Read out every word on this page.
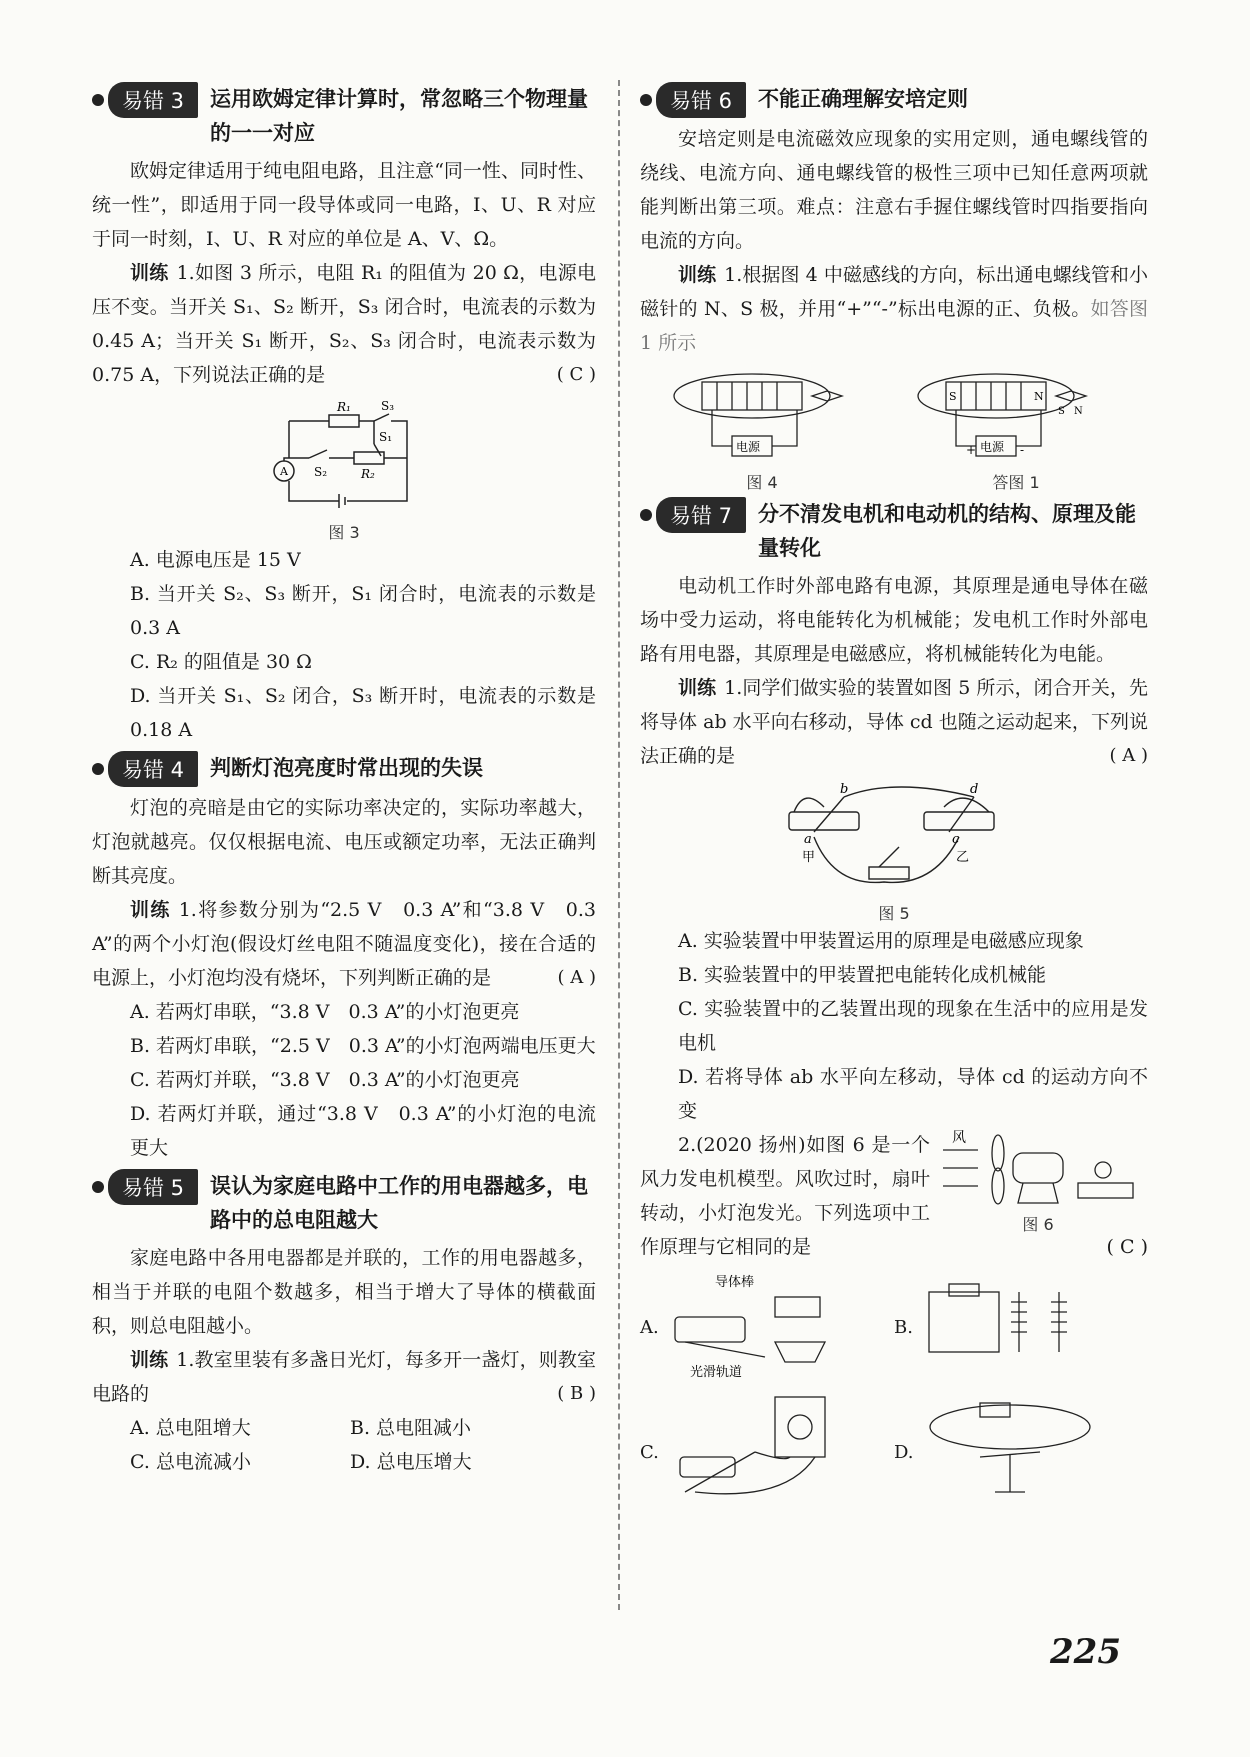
易错 3	运用欧姆定律计算时，常忽略三个物理量的一一对应

欧姆定律适用于纯电阻电路，且注意“同一性、同时性、统一性”，即适用于同一段导体或同一电路，I、U、R 对应于同一时刻，I、U、R 对应的单位是 A、V、Ω。

训练 1.如图 3 所示，电阻 R₁ 的阻值为 20 Ω，电源电压不变。当开关 S₁、S₂ 断开，S₃ 闭合时，电流表的示数为 0.45 A；当开关 S₁ 断开，S₂、S₃ 闭合时，电流表示数为 0.75 A，下列说法正确的是	( C )

R₁	S₃
S₁
S₂	R₂
A
图 3

A. 电源电压是 15 V

B. 当开关 S₂、S₃ 断开，S₁ 闭合时，电流表的示数是 0.3 A

C. R₂ 的阻值是 30 Ω

D. 当开关 S₁、S₂ 闭合，S₃ 断开时，电流表的示数是 0.18 A

易错 4	判断灯泡亮度时常出现的失误

灯泡的亮暗是由它的实际功率决定的，实际功率越大，灯泡就越亮。仅仅根据电流、电压或额定功率，无法正确判断其亮度。

训练 1.将参数分别为“2.5 V　0.3 A”和“3.8 V　0.3 A”的两个小灯泡(假设灯丝电阻不随温度变化)，接在合适的电源上，小灯泡均没有烧坏，下列判断正确的是	( A )

A. 若两灯串联，“3.8 V　0.3 A”的小灯泡更亮

B. 若两灯串联，“2.5 V　0.3 A”的小灯泡两端电压更大

C. 若两灯并联，“3.8 V　0.3 A”的小灯泡更亮

D. 若两灯并联，通过“3.8 V　0.3 A”的小灯泡的电流更大

易错 5	误认为家庭电路中工作的用电器越多，电路中的总电阻越大

家庭电路中各用电器都是并联的，工作的用电器越多，相当于并联的电阻个数越多，相当于增大了导体的横截面积，则总电阻越小。

训练 1.教室里装有多盏日光灯，每多开一盏灯，则教室电路的	( B )

A. 总电阻增大	B. 总电阻减小
C. 总电流减小	D. 总电压增大
易错 6	不能正确理解安培定则

安培定则是电流磁效应现象的实用定则，通电螺线管的绕线、电流方向、通电螺线管的极性三项中已知任意两项就能判断出第三项。难点：注意右手握住螺线管时四指要指向电流的方向。

训练 1.根据图 4 中磁感线的方向，标出通电螺线管和小磁针的 N、S 极，并用“+”“-”标出电源的正、负极。如答图 1 所示

电源
图 4
S	N
S N
+	-
电源
答图 1
易错 7	分不清发电机和电动机的结构、原理及能量转化

电动机工作时外部电路有电源，其原理是通电导体在磁场中受力运动，将电能转化为机械能；发电机工作时外部电路有用电器，其原理是电磁感应，将机械能转化为电能。

训练 1.同学们做实验的装置如图 5 所示，闭合开关，先将导体 ab 水平向右移动，导体 cd 也随之运动起来，下列说法正确的是	( A )

b
a	c
d
甲	乙
图 5

A. 实验装置中甲装置运用的原理是电磁感应现象

B. 实验装置中的甲装置把电能转化成机械能

C. 实验装置中的乙装置出现的现象在生活中的应用是发电机

D. 若将导体 ab 水平向左移动，导体 cd 的运动方向不变

2.(2020 扬州)如图 6 是一个风力发电机模型。风吹过时，扇叶转动，小灯泡发光。下列选项中工作原理与它相同的是

风
图 6

( C )

A.
导体棒
光滑轨道
B.
C.	D.
225
